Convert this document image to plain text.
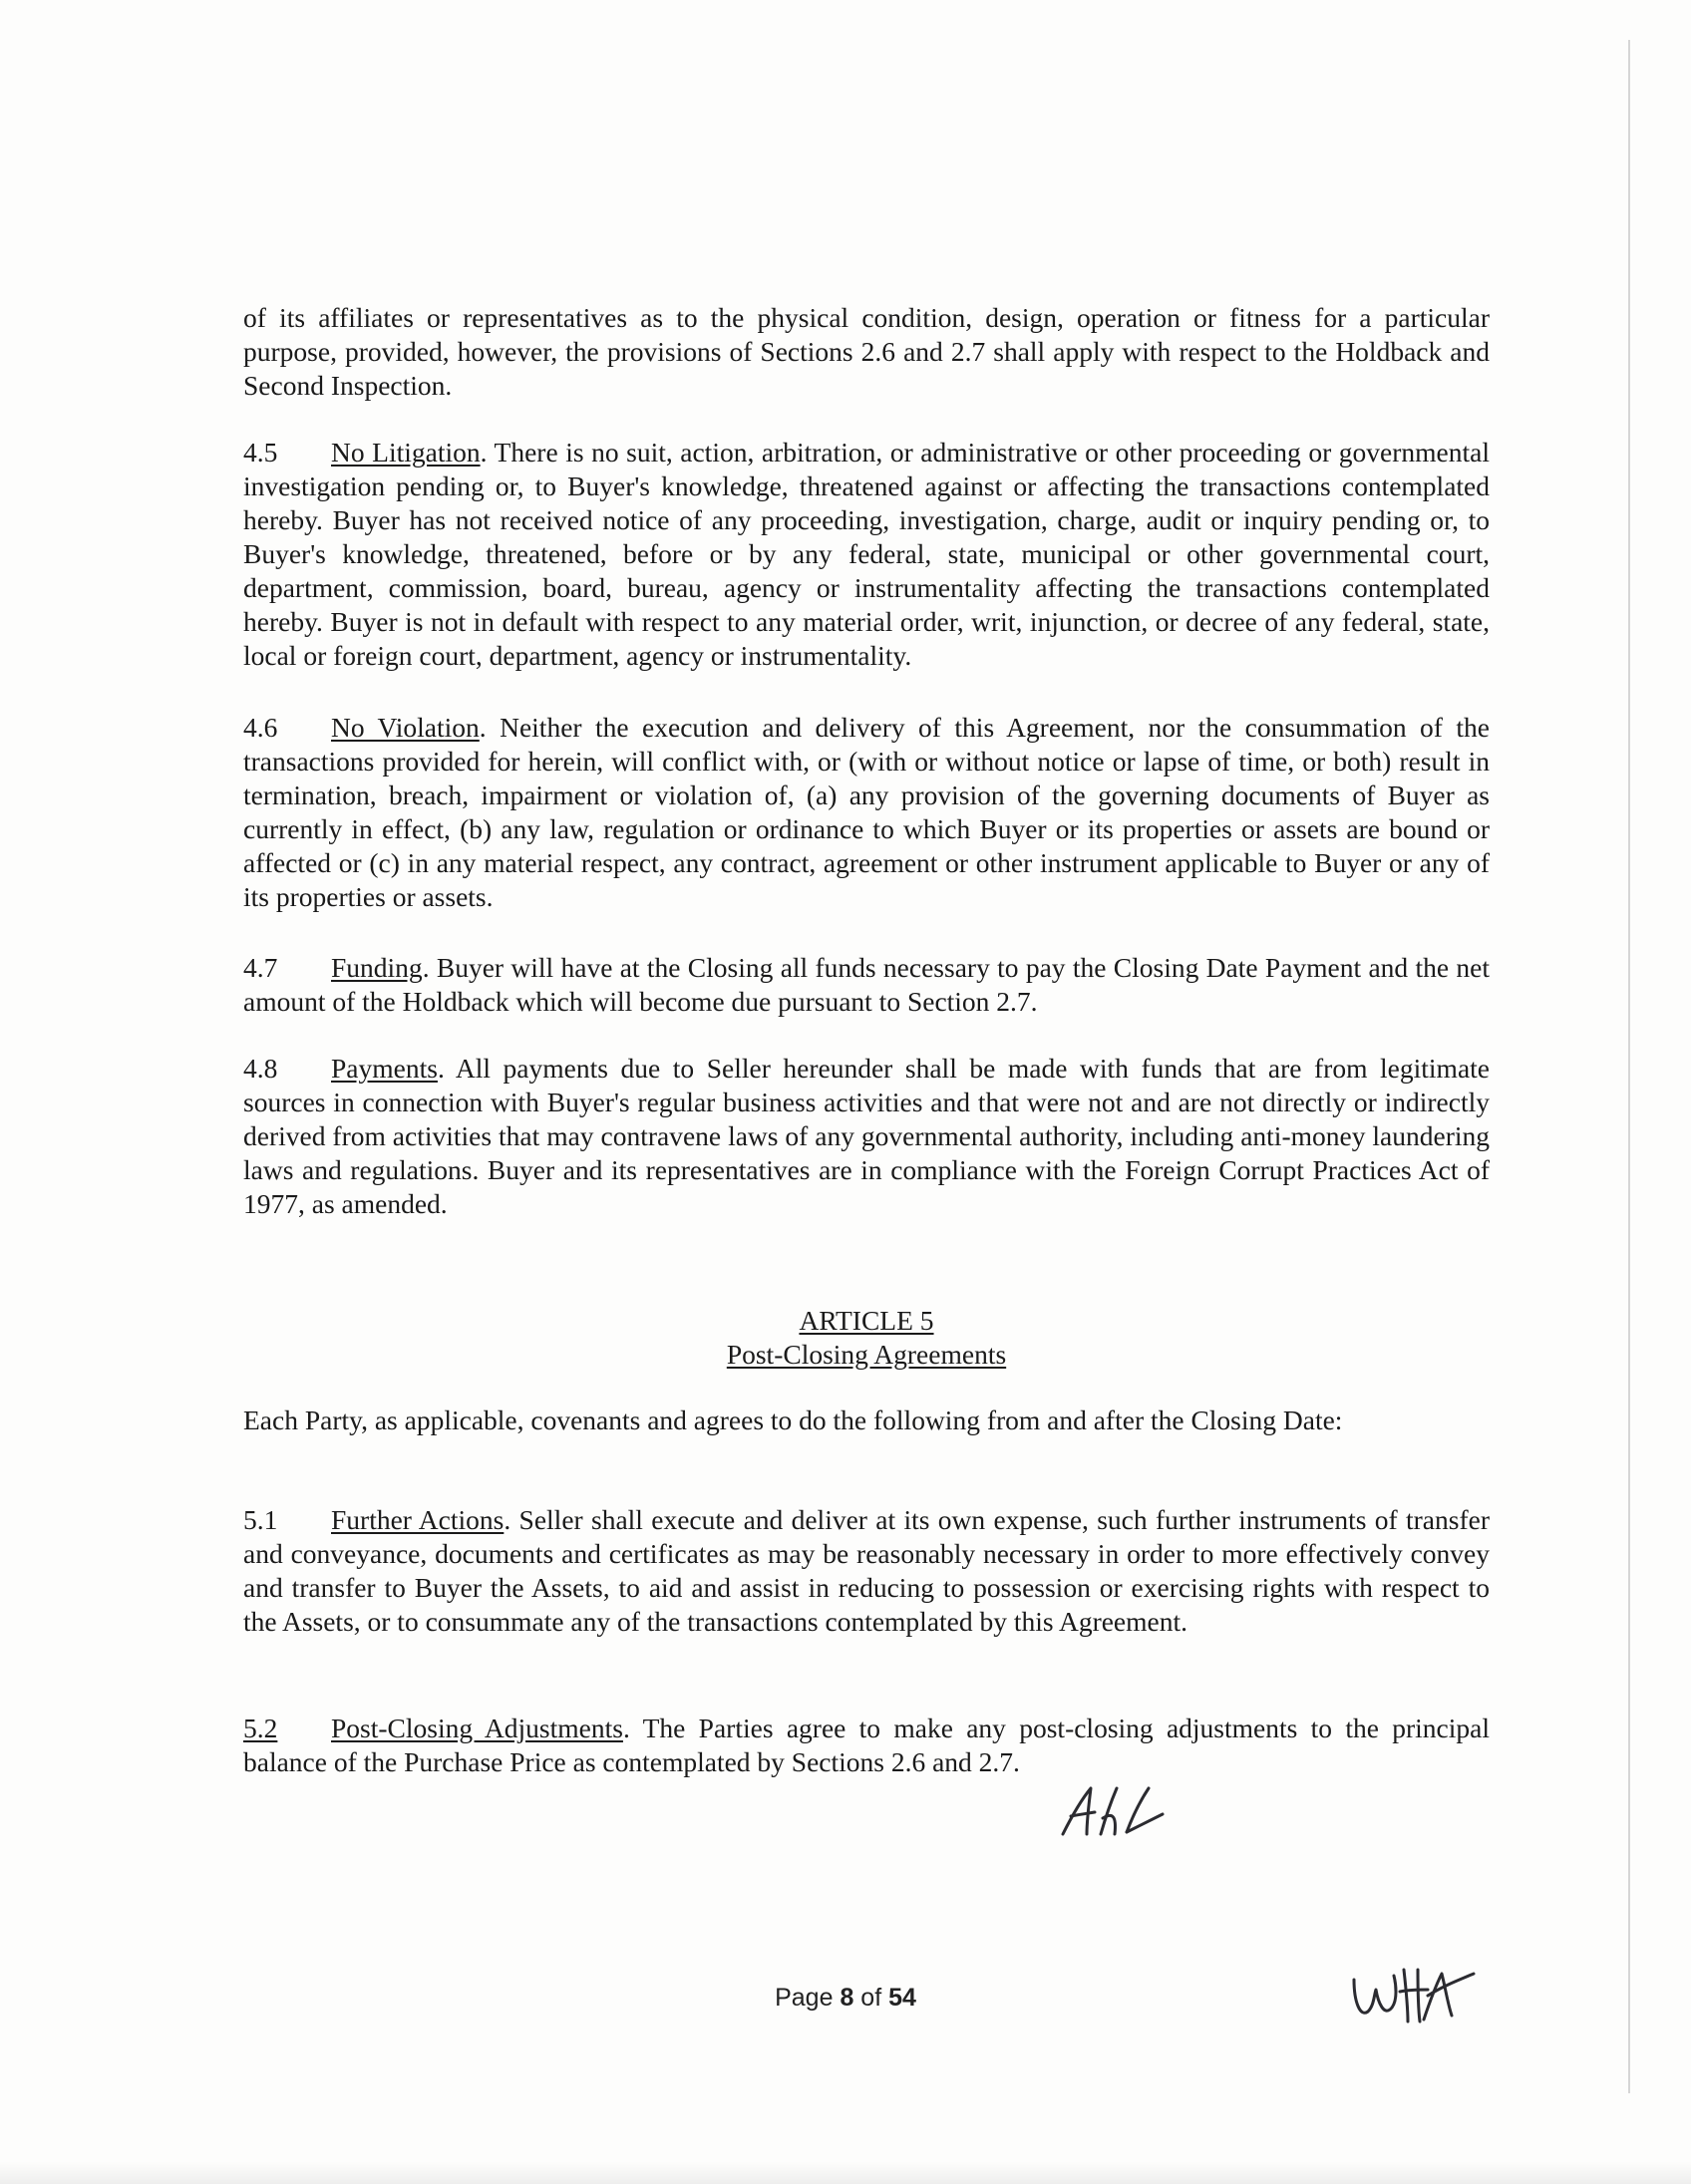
of its affiliates or representatives as to the physical condition, design, operation or fitness for a particular purpose, provided, however, the provisions of Sections 2.6 and 2.7 shall apply with respect to the Holdback and Second Inspection.

4.5 No Litigation. There is no suit, action, arbitration, or administrative or other proceeding or governmental investigation pending or, to Buyer's knowledge, threatened against or affecting the transactions contemplated hereby. Buyer has not received notice of any proceeding, investigation, charge, audit or inquiry pending or, to Buyer's knowledge, threatened, before or by any federal, state, municipal or other governmental court, department, commission, board, bureau, agency or instrumentality affecting the transactions contemplated hereby. Buyer is not in default with respect to any material order, writ, injunction, or decree of any federal, state, local or foreign court, department, agency or instrumentality.

4.6 No Violation. Neither the execution and delivery of this Agreement, nor the consummation of the transactions provided for herein, will conflict with, or (with or without notice or lapse of time, or both) result in termination, breach, impairment or violation of, (a) any provision of the governing documents of Buyer as currently in effect, (b) any law, regulation or ordinance to which Buyer or its properties or assets are bound or affected or (c) in any material respect, any contract, agreement or other instrument applicable to Buyer or any of its properties or assets.

4.7 Funding. Buyer will have at the Closing all funds necessary to pay the Closing Date Payment and the net amount of the Holdback which will become due pursuant to Section 2.7.

4.8 Payments. All payments due to Seller hereunder shall be made with funds that are from legitimate sources in connection with Buyer's regular business activities and that were not and are not directly or indirectly derived from activities that may contravene laws of any governmental authority, including anti-money laundering laws and regulations. Buyer and its representatives are in compliance with the Foreign Corrupt Practices Act of 1977, as amended.

ARTICLE 5

Post-Closing Agreements

Each Party, as applicable, covenants and agrees to do the following from and after the Closing Date:

5.1 Further Actions. Seller shall execute and deliver at its own expense, such further instruments of transfer and conveyance, documents and certificates as may be reasonably necessary in order to more effectively convey and transfer to Buyer the Assets, to aid and assist in reducing to possession or exercising rights with respect to the Assets, or to consummate any of the transactions contemplated by this Agreement.

5.2 Post-Closing Adjustments. The Parties agree to make any post-closing adjustments to the principal balance of the Purchase Price as contemplated by Sections 2.6 and 2.7.

Page 8 of 54
